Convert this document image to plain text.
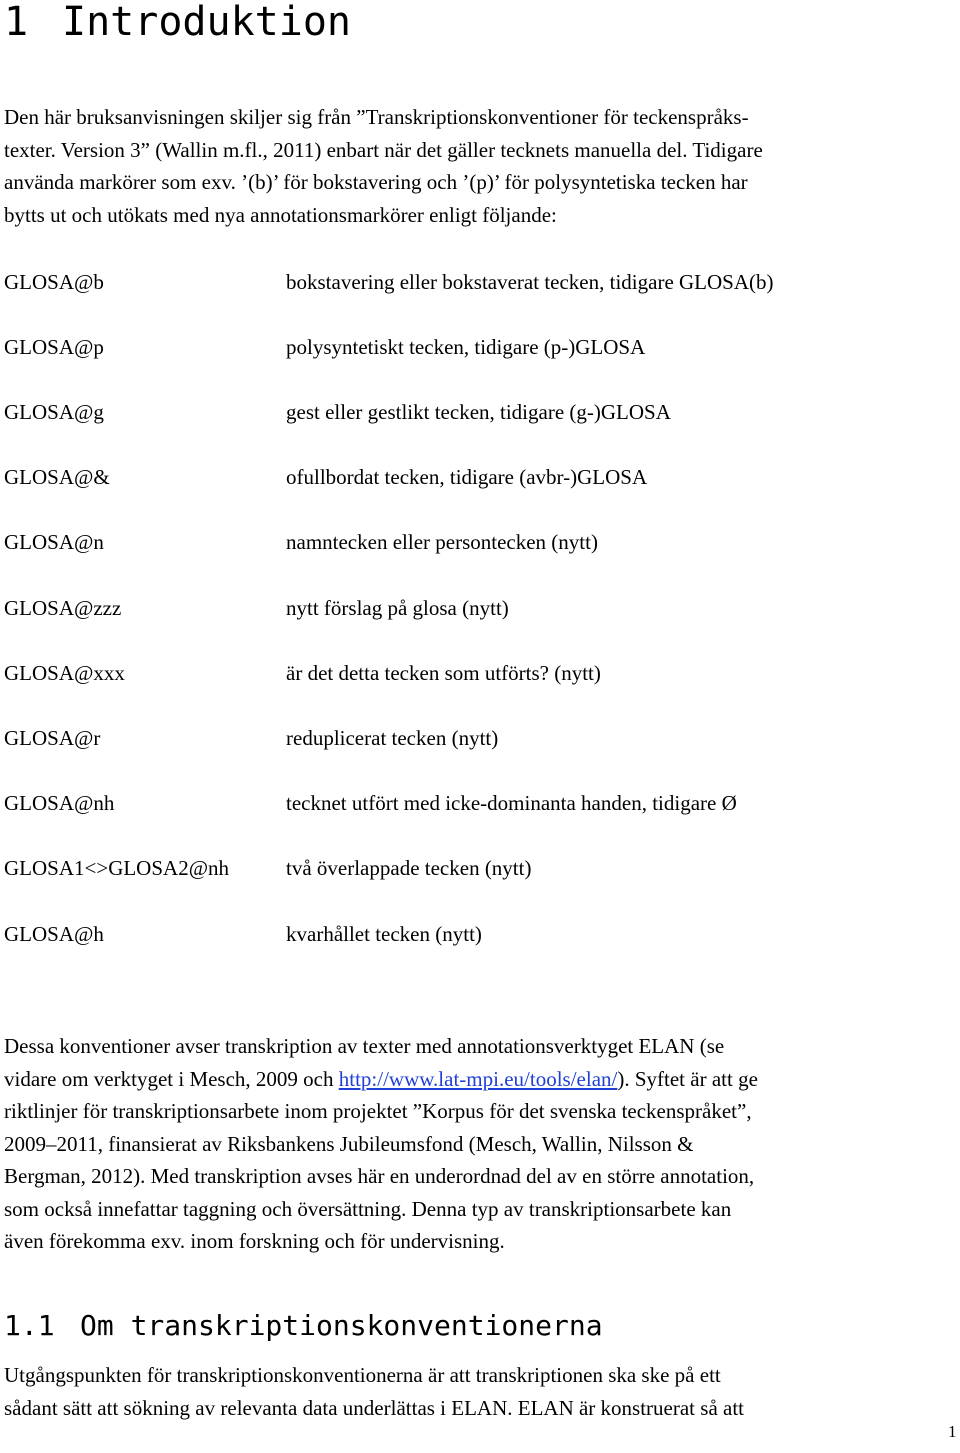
1 Introduktion
Den här bruksanvisningen skiljer sig från ”Transkriptionskonventioner för teckenspråks-
texter. Version 3” (Wallin m.fl., 2011) enbart när det gäller tecknets manuella del. Tidigare
använda markörer som exv. ’(b)’ för bokstavering och ’(p)’ för polysyntetiska tecken har
bytts ut och utökats med nya annotationsmarkörer enligt följande:
GLOSA@b	bokstavering eller bokstaverat tecken, tidigare GLOSA(b)
GLOSA@p	polysyntetiskt tecken, tidigare (p-)GLOSA
GLOSA@g	gest eller gestlikt tecken, tidigare (g-)GLOSA
GLOSA@&	ofullbordat tecken, tidigare (avbr-)GLOSA
GLOSA@n	namntecken eller persontecken (nytt)
GLOSA@zzz	nytt förslag på glosa (nytt)
GLOSA@xxx	är det detta tecken som utförts? (nytt)
GLOSA@r	reduplicerat tecken (nytt)
GLOSA@nh	tecknet utfört med icke-dominanta handen, tidigare Ø
GLOSA1<>GLOSA2@nh	två överlappade tecken (nytt)
GLOSA@h	kvarhållet tecken (nytt)
Dessa konventioner avser transkription av texter med annotationsverktyget ELAN (se
vidare om verktyget i Mesch, 2009 och http://www.lat-mpi.eu/tools/elan/). Syftet är att ge
riktlinjer för transkriptionsarbete inom projektet ”Korpus för det svenska teckenspråket”,
2009–2011, finansierat av Riksbankens Jubileumsfond (Mesch, Wallin, Nilsson &
Bergman, 2012). Med transkription avses här en underordnad del av en större annotation,
som också innefattar taggning och översättning. Denna typ av transkriptionsarbete kan
även förekomma exv. inom forskning och för undervisning.
1.1 Om transkriptionskonventionerna
Utgångspunkten för transkriptionskonventionerna är att transkriptionen ska ske på ett
sådant sätt att sökning av relevanta data underlättas i ELAN. ELAN är konstruerat så att
1
